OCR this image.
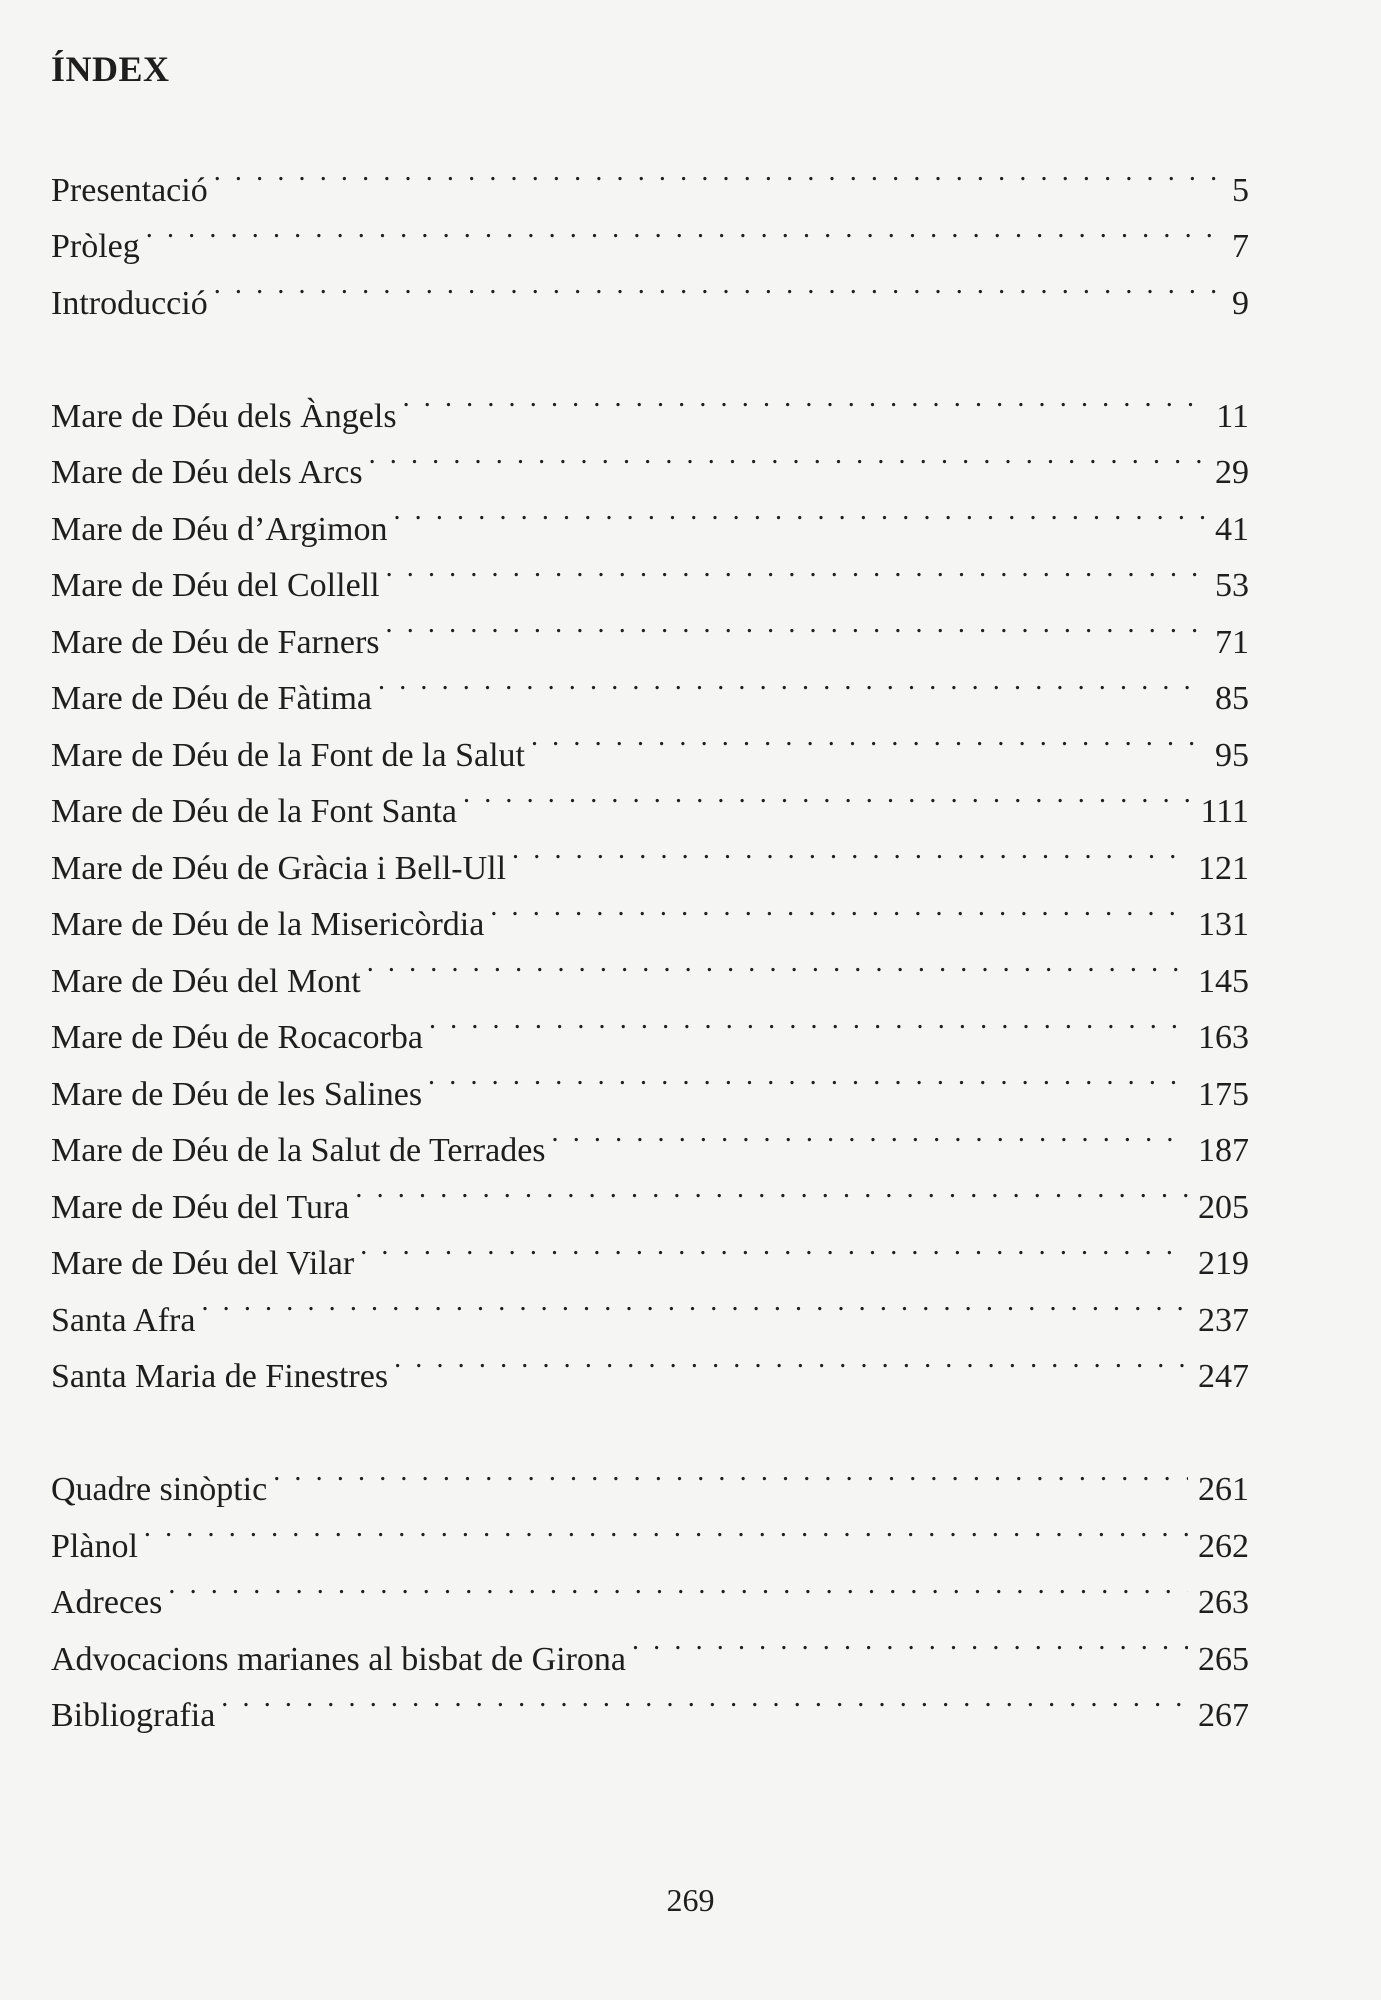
ÍNDEX
Presentació . . .	5
Pròleg . . .	7
Introducció . . .	9
Mare de Déu dels Àngels . . .	11
Mare de Déu dels Arcs . . .	29
Mare de Déu d’Argimon . . .	41
Mare de Déu del Collell . . .	53
Mare de Déu de Farners . . .	71
Mare de Déu de Fàtima . . .	85
Mare de Déu de la Font de la Salut . . .	95
Mare de Déu de la Font Santa . . .	111
Mare de Déu de Gràcia i Bell-Ull . . .	121
Mare de Déu de la Misericòrdia . . .	131
Mare de Déu del Mont . . .	145
Mare de Déu de Rocacorba . . .	163
Mare de Déu de les Salines . . .	175
Mare de Déu de la Salut de Terrades . . .	187
Mare de Déu del Tura . . .	205
Mare de Déu del Vilar . . .	219
Santa Afra . . .	237
Santa Maria de Finestres . . .	247
Quadre sinòptic . . .	261
Plànol . . .	262
Adreces . . .	263
Advocacions marianes al bisbat de Girona . . .	265
Bibliografia . . .	267
269
